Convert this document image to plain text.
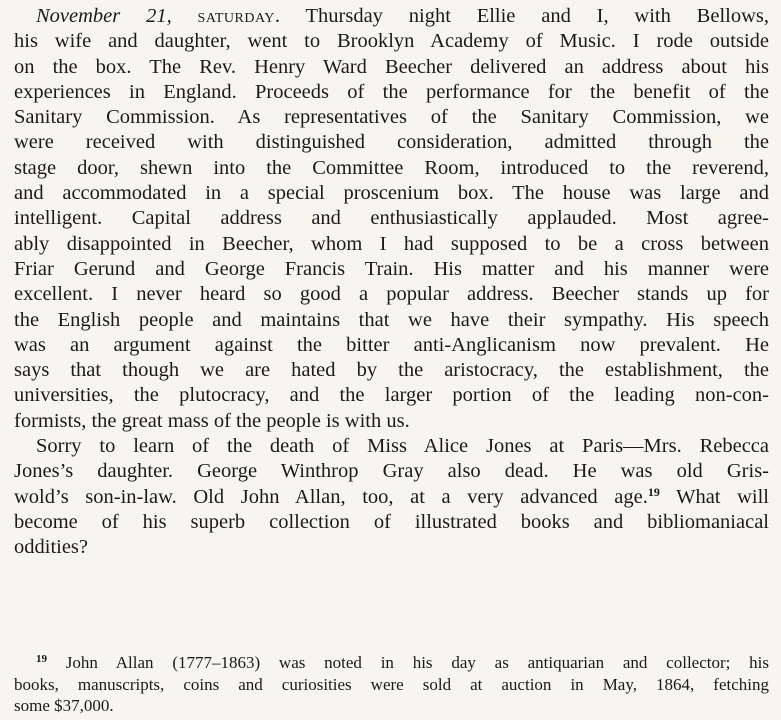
November 21, saturday. Thursday night Ellie and I, with Bellows,
his wife and daughter, went to Brooklyn Academy of Music. I rode outside
on the box. The Rev. Henry Ward Beecher delivered an address about his
experiences in England. Proceeds of the performance for the benefit of the
Sanitary Commission. As representatives of the Sanitary Commission, we
were received with distinguished consideration, admitted through the
stage door, shewn into the Committee Room, introduced to the reverend,
and accommodated in a special proscenium box. The house was large and
intelligent. Capital address and enthusiastically applauded. Most agree-
ably disappointed in Beecher, whom I had supposed to be a cross between
Friar Gerund and George Francis Train. His matter and his manner were
excellent. I never heard so good a popular address. Beecher stands up for
the English people and maintains that we have their sympathy. His speech
was an argument against the bitter anti-Anglicanism now prevalent. He
says that though we are hated by the aristocracy, the establishment, the
universities, the plutocracy, and the larger portion of the leading non-con-
formists, the great mass of the people is with us.
Sorry to learn of the death of Miss Alice Jones at Paris—Mrs. Rebecca
Jones’s daughter. George Winthrop Gray also dead. He was old Gris-
wold’s son-in-law. Old John Allan, too, at a very advanced age.$^{19}$ What will
become of his superb collection of illustrated books and bibliomaniacal
oddities?
$^{19}$ John Allan (1777–1863) was noted in his day as antiquarian and collector; his
books, manuscripts, coins and curiosities were sold at auction in May, 1864, fetching
some $37,000.
